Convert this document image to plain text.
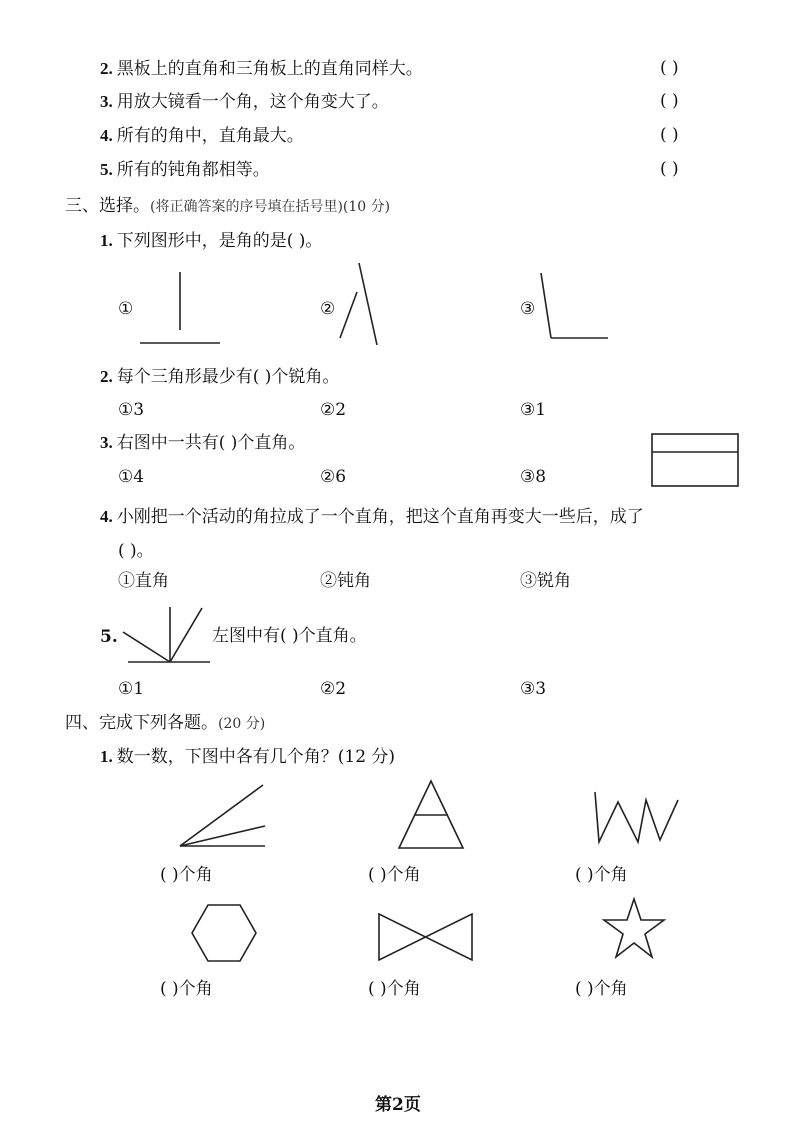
2. 黑板上的直角和三角板上的直角同样大。	( )
3. 用放大镜看一个角，这个角变大了。	( )
4. 所有的角中，直角最大。	( )
5. 所有的钝角都相等。	( )
三、选择。(将正确答案的序号填在括号里)(10 分)
1. 下列图形中，是角的是( )。
①	②	③
2. 每个三角形最少有( )个锐角。
①3	②2	③1
3. 右图中一共有( )个直角。
①4	②6	③8
4. 小刚把一个活动的角拉成了一个直角，把这个直角再变大一些后，成了
( )。
①直角	②钝角	③锐角
5.	左图中有( )个直角。
①1	②2	③3
四、完成下列各题。(20 分)
1. 数一数，下图中各有几个角？(12 分)
( )个角	( )个角	( )个角
( )个角	( )个角	( )个角
第2页
